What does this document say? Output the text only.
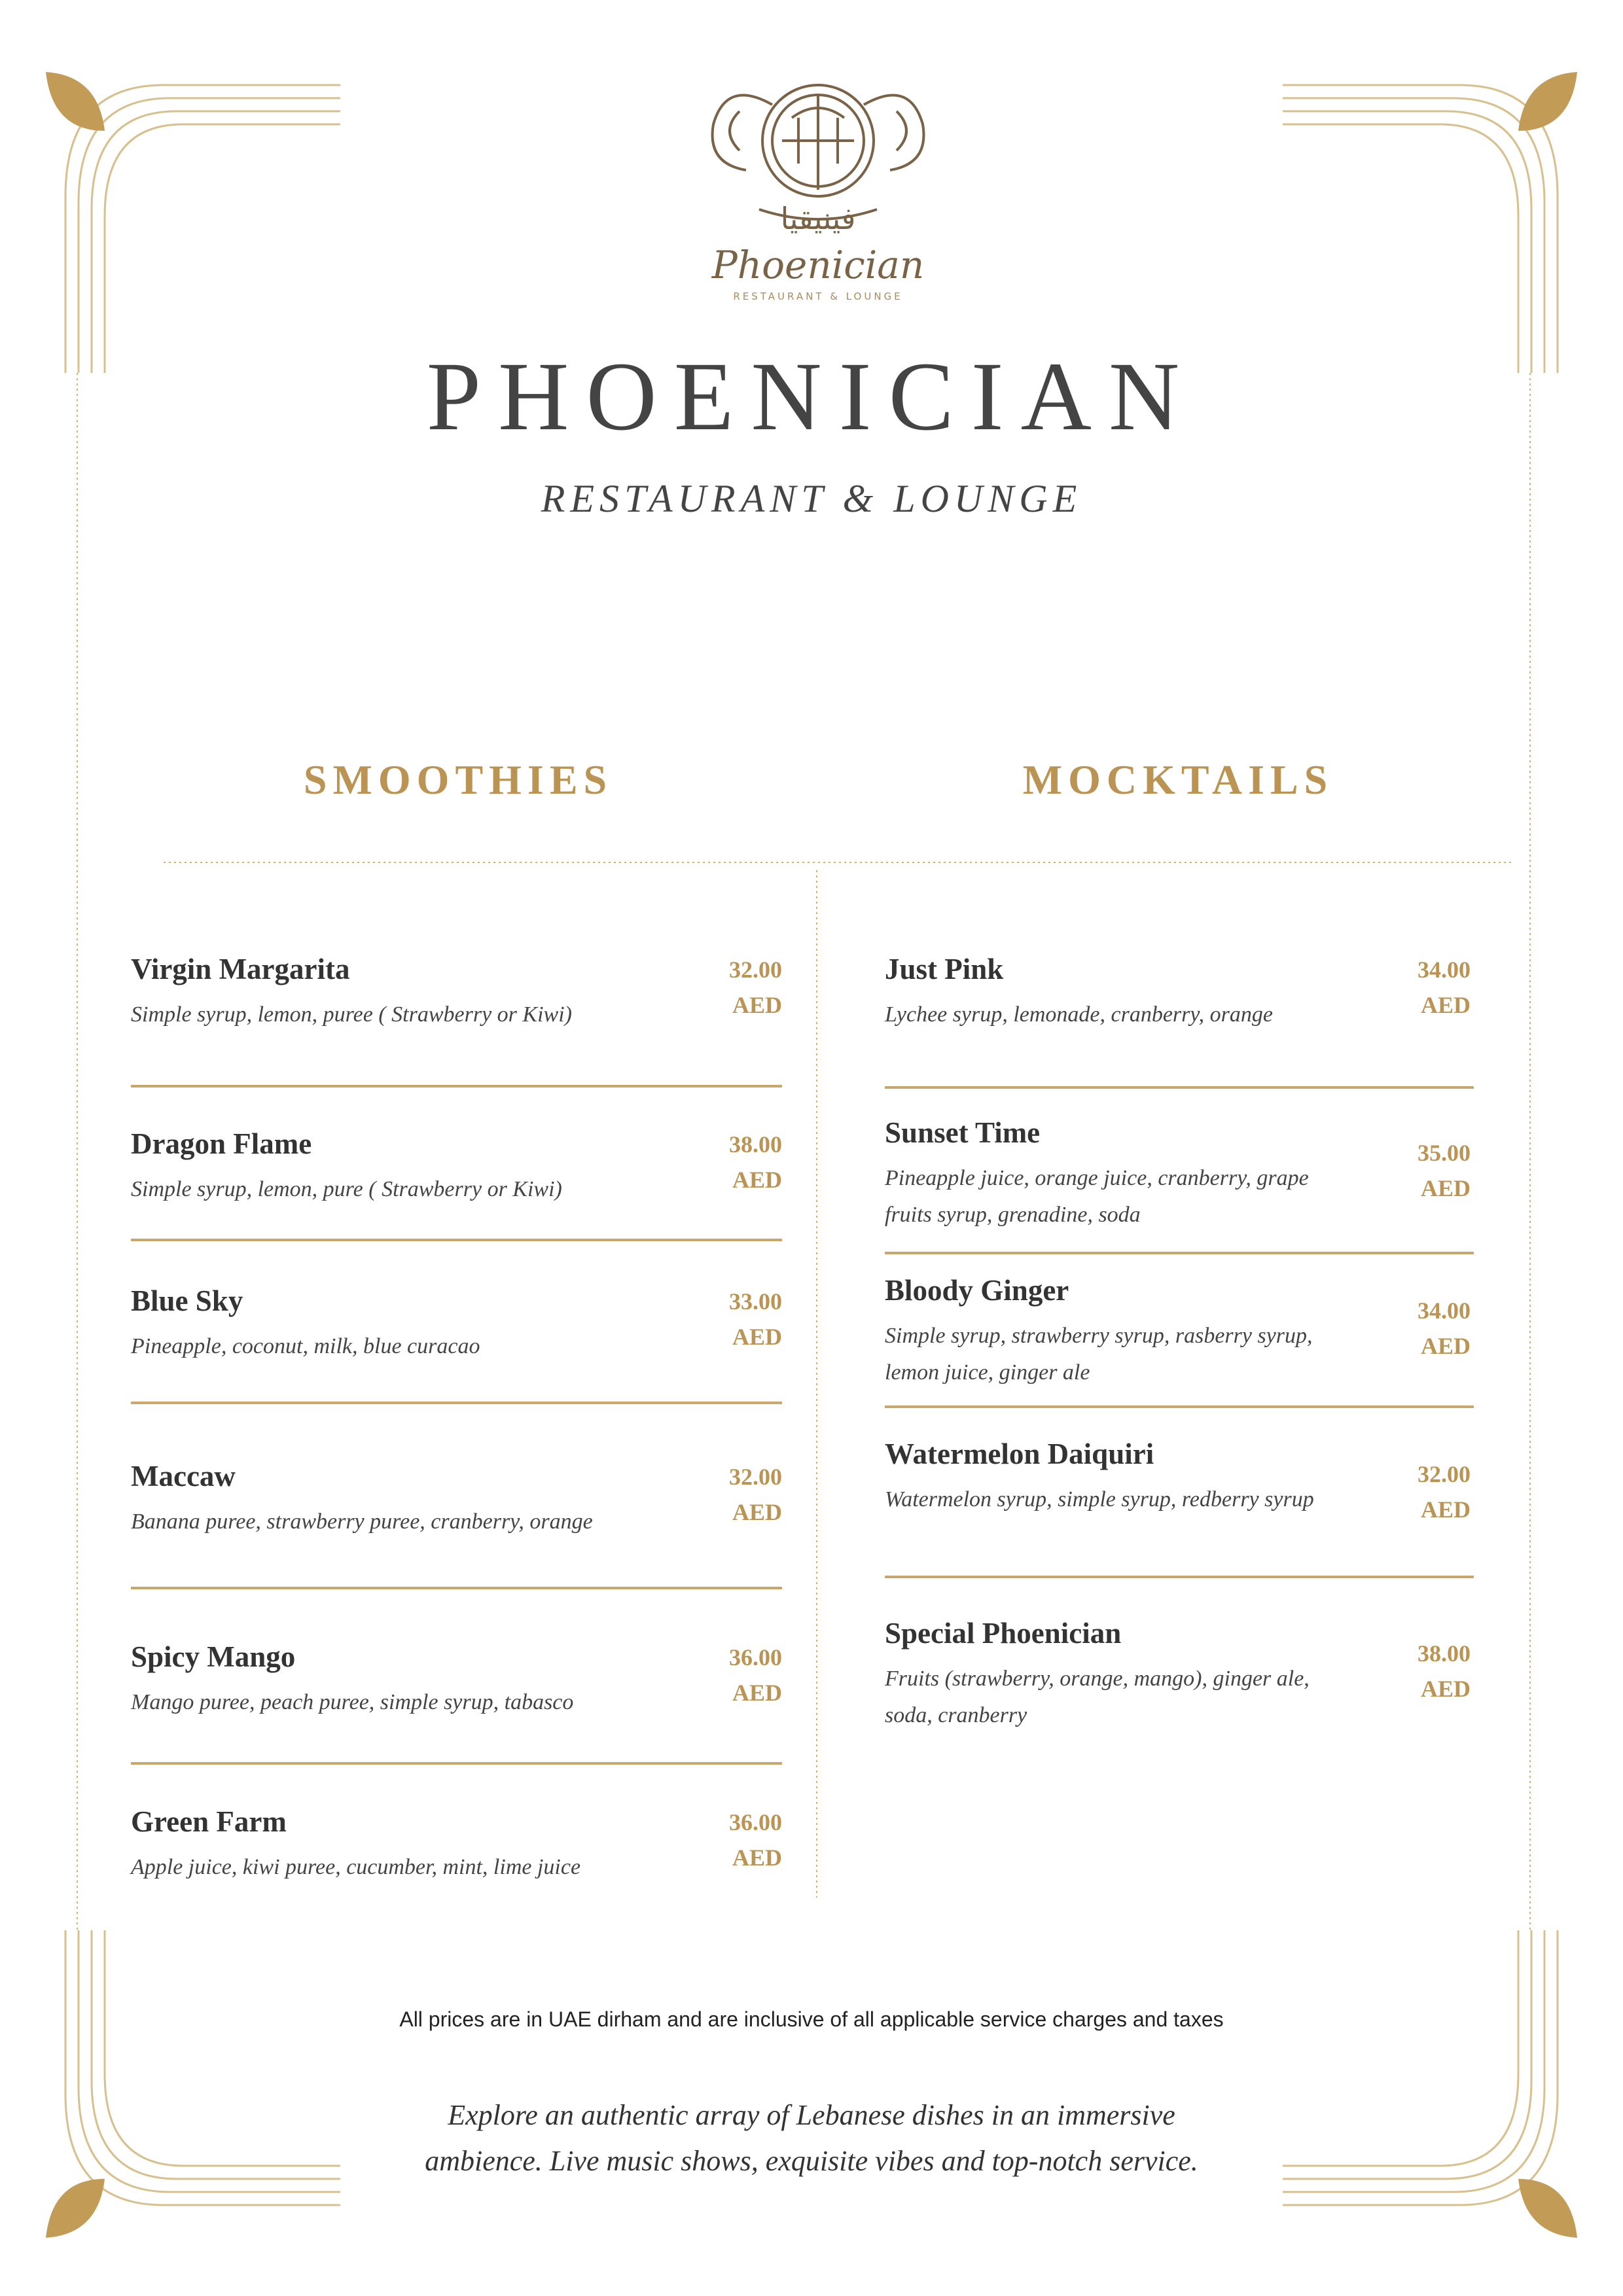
فينيقيا
Phoenician
RESTAURANT & LOUNGE
PHOENICIAN
RESTAURANT & LOUNGE
SMOOTHIES	MOCKTAILS
Virgin Margarita
Simple syrup, lemon, puree ( Strawberry or Kiwi)
32.00
AED
Dragon Flame
Simple syrup, lemon, pure ( Strawberry or Kiwi)
38.00
AED
Blue Sky
Pineapple, coconut, milk, blue curacao
33.00
AED
Maccaw
Banana puree, strawberry puree, cranberry, orange
32.00
AED
Spicy Mango
Mango puree, peach puree, simple syrup, tabasco
36.00
AED
Green Farm
Apple juice, kiwi puree, cucumber, mint, lime juice
36.00
AED
Just Pink
Lychee syrup, lemonade, cranberry, orange
34.00
AED
Sunset Time
Pineapple juice, orange juice, cranberry, grape fruits syrup, grenadine, soda
35.00
AED
Bloody Ginger
Simple syrup, strawberry syrup, rasberry syrup, lemon juice, ginger ale
34.00
AED
Watermelon Daiquiri
Watermelon syrup, simple syrup, redberry syrup
32.00
AED
Special Phoenician
Fruits (strawberry, orange, mango), ginger ale, soda, cranberry
38.00
AED
All prices are in UAE dirham and are inclusive of all applicable service charges and taxes
Explore an authentic array of Lebanese dishes in an immersive ambience. Live music shows, exquisite vibes and top-notch service.
